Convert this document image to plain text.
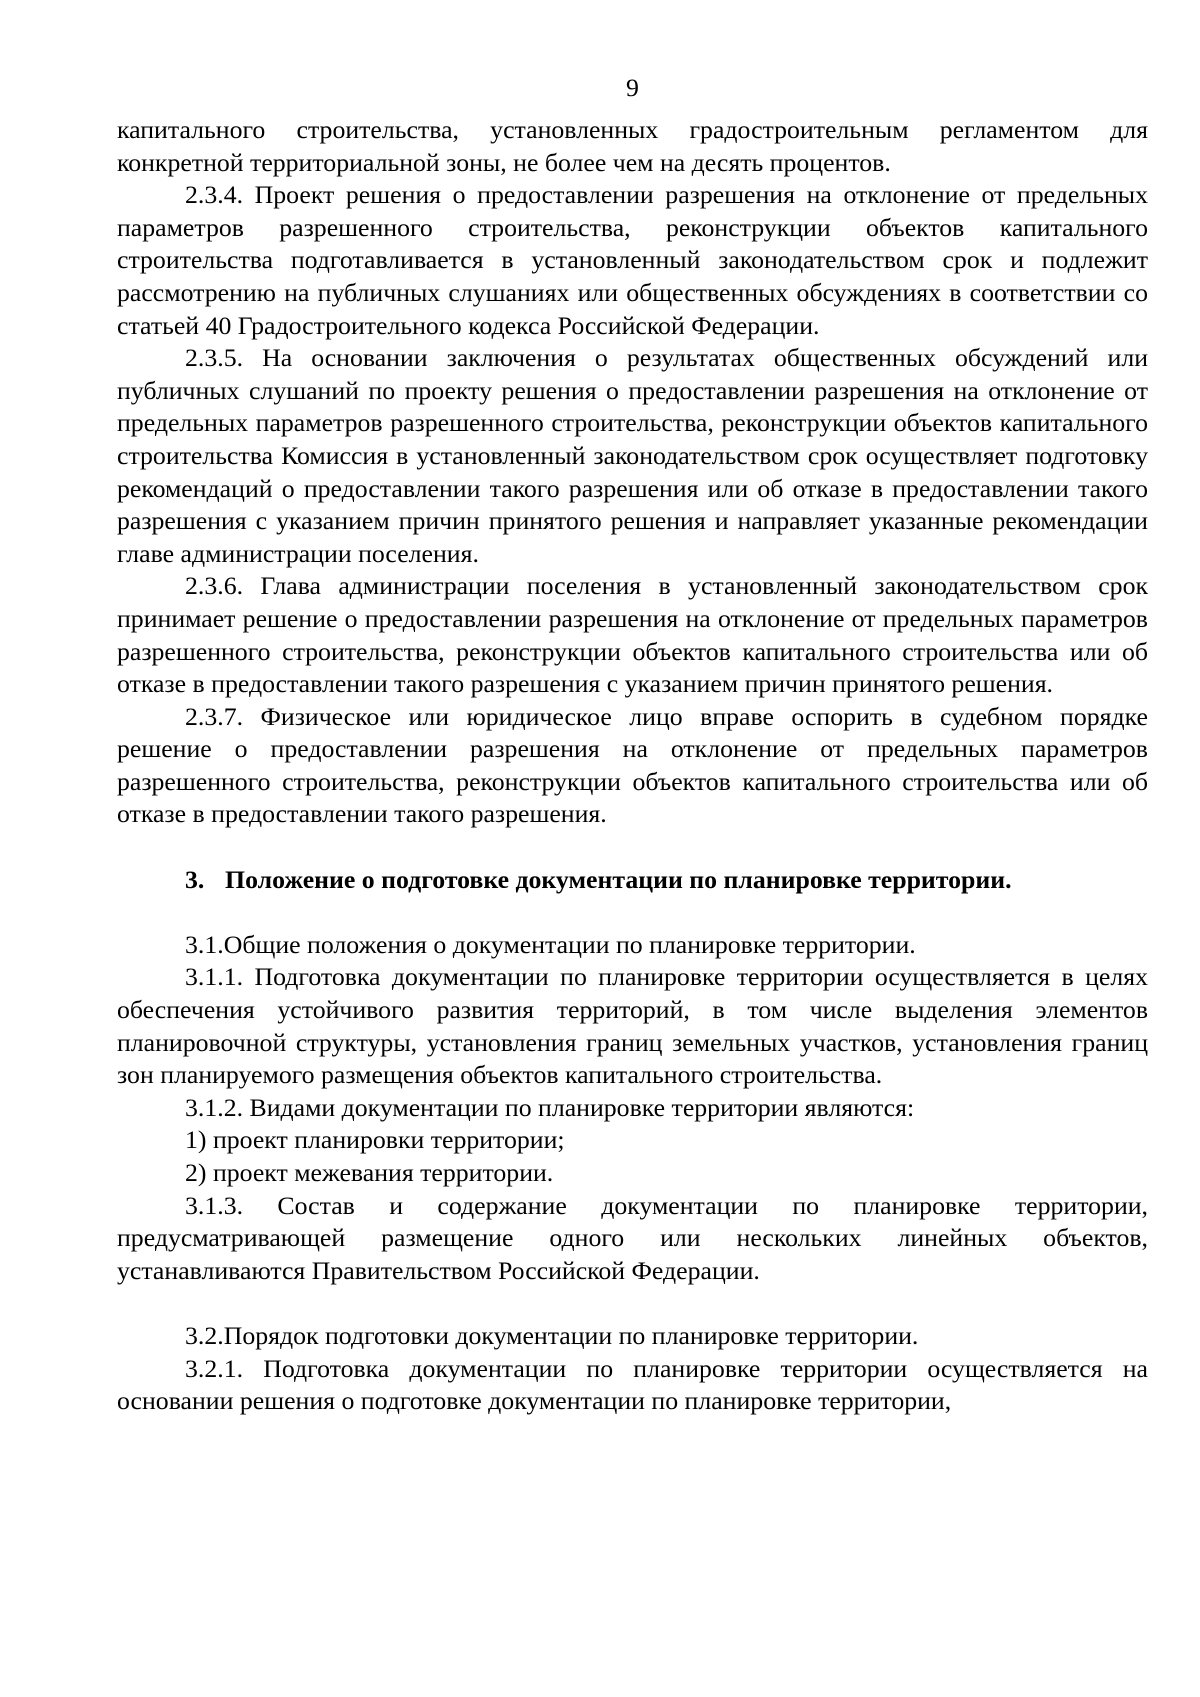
9

капитального строительства, установленных градостроительным регламентом для конкретной территориальной зоны, не более чем на десять процентов.

2.3.4. Проект решения о предоставлении разрешения на отклонение от предельных параметров разрешенного строительства, реконструкции объектов капитального строительства подготавливается в установленный законодательством срок и подлежит рассмотрению на публичных слушаниях или общественных обсуждениях в соответствии со статьей 40 Градостроительного кодекса Российской Федерации.

2.3.5. На основании заключения о результатах общественных обсуждений или публичных слушаний по проекту решения о предоставлении разрешения на отклонение от предельных параметров разрешенного строительства, реконструкции объектов капитального строительства Комиссия в установленный законодательством срок осуществляет подготовку рекомендаций о предоставлении такого разрешения или об отказе в предоставлении такого разрешения с указанием причин принятого решения и направляет указанные рекомендации главе администрации поселения.

2.3.6. Глава администрации поселения в установленный законодательством срок принимает решение о предоставлении разрешения на отклонение от предельных параметров разрешенного строительства, реконструкции объектов капитального строительства или об отказе в предоставлении такого разрешения с указанием причин принятого решения.

2.3.7. Физическое или юридическое лицо вправе оспорить в судебном порядке решение о предоставлении разрешения на отклонение от предельных параметров разрешенного строительства, реконструкции объектов капитального строительства или об отказе в предоставлении такого разрешения.

3. Положение о подготовке документации по планировке территории.

3.1.Общие положения о документации по планировке территории.

3.1.1. Подготовка документации по планировке территории осуществляется в целях обеспечения устойчивого развития территорий, в том числе выделения элементов планировочной структуры, установления границ земельных участков, установления границ зон планируемого размещения объектов капитального строительства.

3.1.2. Видами документации по планировке территории являются:

1) проект планировки территории;

2) проект межевания территории.

3.1.3. Состав и содержание документации по планировке территории, предусматривающей размещение одного или нескольких линейных объектов, устанавливаются Правительством Российской Федерации.

3.2.Порядок подготовки документации по планировке территории.

3.2.1. Подготовка документации по планировке территории осуществляется на основании решения о подготовке документации по планировке территории,
